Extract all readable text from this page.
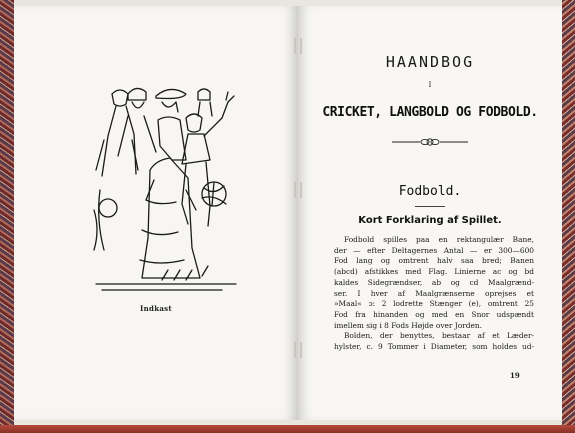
Indkast
HAANDBOG
I
CRICKET, LANGBOLD OG FODBOLD.
Fodbold.
Kort Forklaring af Spillet.
Fodbold spilles paa en rektangulær Bane,
der — efter Deltagernes Antal — er 300—600
Fod lang og omtrent halv saa bred; Banen
(abcd) afstikkes med Flag. Linierne ac og bd
kaldes Sidegrændser, ab og cd Maalgrænd-
ser. I hver af Maalgrænserne oprejses et
»Maal« ɔ: 2 lodrette Stænger (e), omtrent 25
Fod fra hinanden og med en Snor udspændt
imellem sig i 8 Fods Højde over Jorden.
Bolden, der benyttes, bestaar af et Læder-
hylster, c. 9 Tommer i Diameter, som holdes ud-
19
